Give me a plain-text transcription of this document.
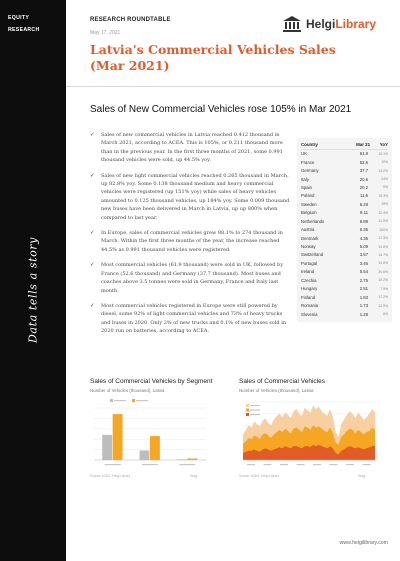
EQUITY
RESEARCH
Data tells a story
RESEARCH ROUNDTABLE
May 17, 2021
HelgiLibrary
Latvia's Commercial Vehicles Sales
(Mar 2021)
Sales of New Commercial Vehicles rose 105% in Mar 2021
✓ Sales of new commercial vehicles in Latvia reached 0.412 thousand in March 2021, according to ACEA. This is 105%, or 0.211 thousand more than in the previous year. In the first three months of 2021, some 0.991 thousand vehicles were sold, up 44.5% yoy.
✓ Sales of new light commercial vehicles reached 0.265 thousand in March, up 82.8% yoy. Some 0.138 thousand medium and heavy commercial vehicles were registered (up 151% yoy) while sales of heavy vehicles amounted to 0.125 thousand vehicles, up 184% yoy. Some 0.009 thousand new buses have been delivered in March in Latvia, up up 800% when compared to last year.
✓ In Europe, sales of commercial vehicles grew 88.1% to 274 thousand in March. Within the first three months of the year, the increase reached 44.5% as 0.991 thousand vehicles were registered.
✓ Most commercial vehicles (61.9 thousand) were sold in UK, followed by France (52.6 thousand) and Germany (37.7 thousand). Most buses and coaches above 3.5 tonnes were sold in Germany, France and Italy last month.
✓ Most commercial vehicles registered in Europe were still powered by diesel, some 92% of light commercial vehicles and 73% of heavy trucks and buses in 2020. Only 2% of new trucks and 0.1% of new buses sold in 2020 run on batteries, according to ACEA.
Country	Mar 21	YoY
UK	61.9	10.1%
France	52.6	10%
Germany	37.7	14.2%
Italy	20.6	24%
Spain	20.2	9%
Poland	11.6	19.3%
Sweden	6.28	19%
Belgium	9.11	12.4%
Netherlands	8.89	11.5%
Austria	6.35	100%
Denmark	4.35	17.3%
Norway	5.09	10.6%
Switzerland	3.57	14.7%
Portugal	3.46	10.6%
Ireland	5.54	20.6%
Czechia	2.75	10.2%
Hungary	2.51	7.9%
Finland	1.83	17.2%
Romania	1.73	12.9%
Slovenia	1.28	6%
Sales of Commercial Vehicles by Segment
Number of Vehicles (thousand), Latvia
Source: ACEA, Helgi Library	Helgi
Sales of Commercial Vehicles
Number of Vehicles (thousand), Latvia
Source: ACEA, Helgi Library	Helgi
www.helgilibrary.com
